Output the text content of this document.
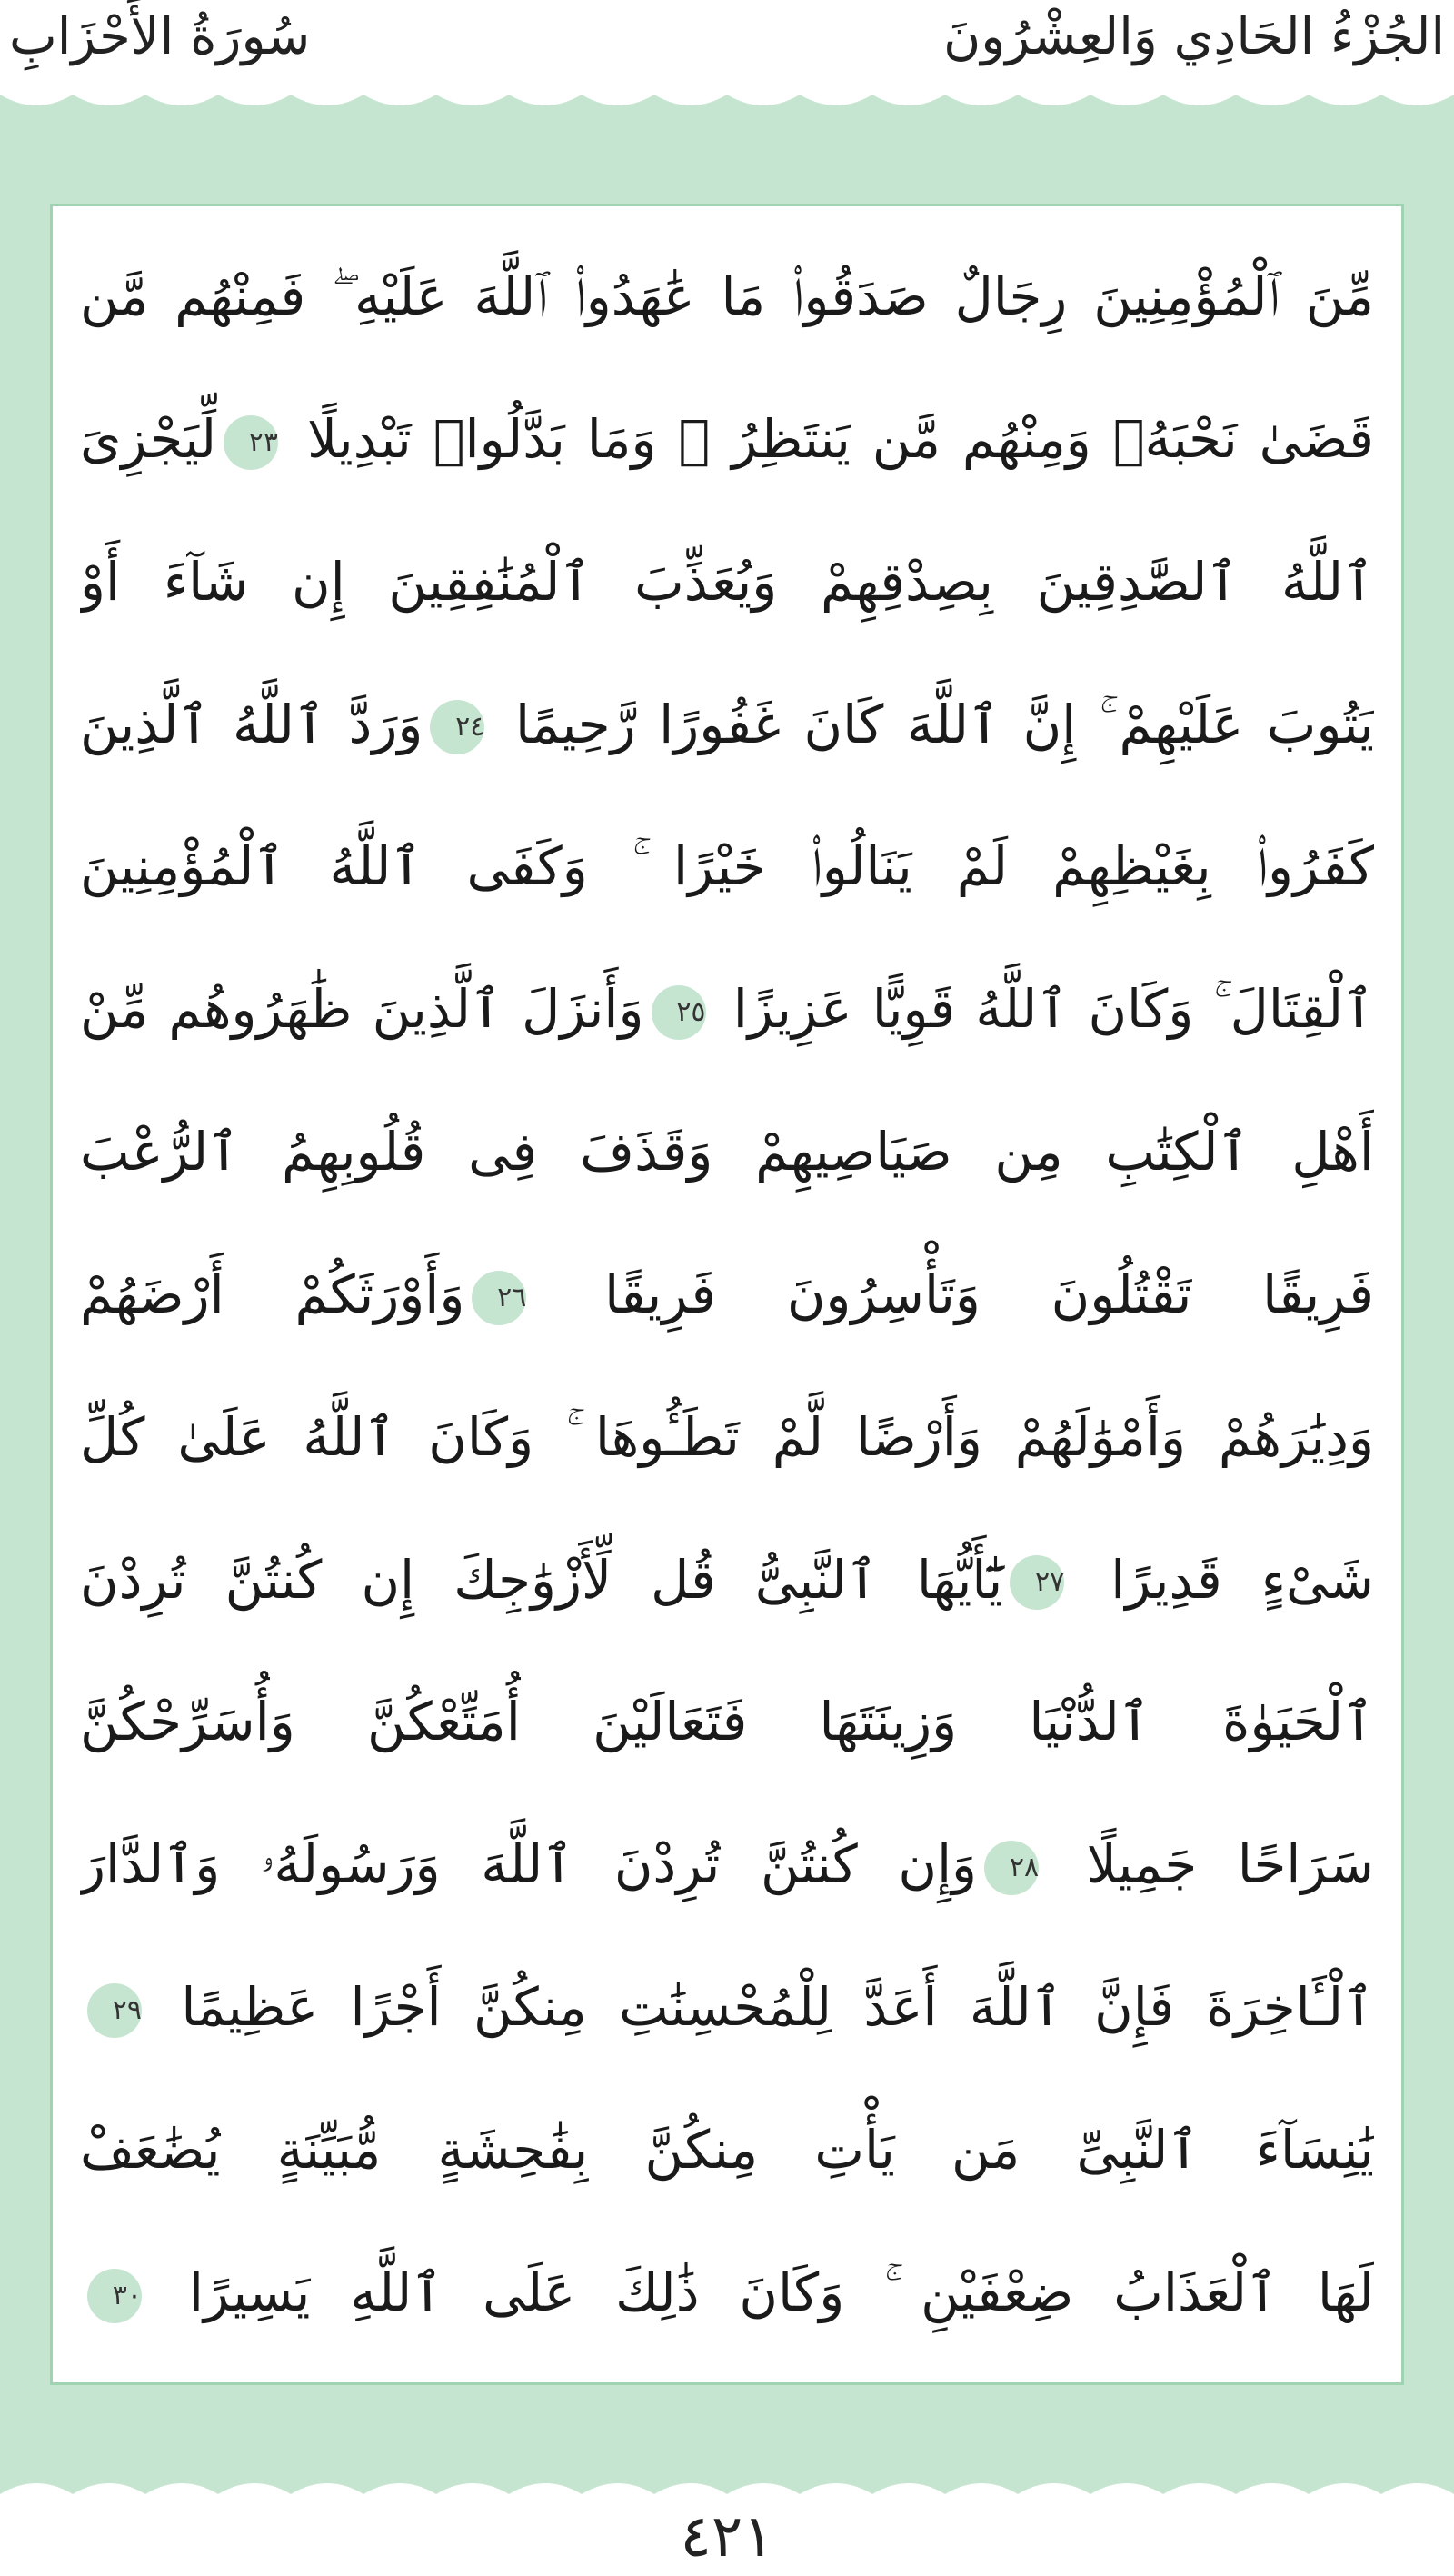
الجُزْءُ الحَادِي وَالعِشْرُونَ
سُورَةُ الأَحْزَابِ
مِّنَ ٱلْمُؤْمِنِينَ رِجَالٌ صَدَقُوا۟ مَا عَٰهَدُوا۟ ٱللَّهَ عَلَيْهِ ۖ فَمِنْهُم مَّن
قَضَىٰ نَحْبَهُۥ وَمِنْهُم مَّن يَنتَظِرُ ۖ وَمَا بَدَّلُوا۟ تَبْدِيلًا ٢٣لِّيَجْزِىَ
ٱللَّهُ ٱلصَّٰدِقِينَ بِصِدْقِهِمْ وَيُعَذِّبَ ٱلْمُنَٰفِقِينَ إِن شَآءَ أَوْ
يَتُوبَ عَلَيْهِمْ ۚ إِنَّ ٱللَّهَ كَانَ غَفُورًا رَّحِيمًا ٢٤وَرَدَّ ٱللَّهُ ٱلَّذِينَ
كَفَرُوا۟ بِغَيْظِهِمْ لَمْ يَنَالُوا۟ خَيْرًا ۚ وَكَفَى ٱللَّهُ ٱلْمُؤْمِنِينَ
ٱلْقِتَالَ ۚ وَكَانَ ٱللَّهُ قَوِيًّا عَزِيزًا ٢٥وَأَنزَلَ ٱلَّذِينَ ظَٰهَرُوهُم مِّنْ
أَهْلِ ٱلْكِتَٰبِ مِن صَيَاصِيهِمْ وَقَذَفَ فِى قُلُوبِهِمُ ٱلرُّعْبَ
فَرِيقًا تَقْتُلُونَ وَتَأْسِرُونَ فَرِيقًا ٢٦وَأَوْرَثَكُمْ أَرْضَهُمْ
وَدِيَٰرَهُمْ وَأَمْوَٰلَهُمْ وَأَرْضًا لَّمْ تَطَـُٔوهَا ۚ وَكَانَ ٱللَّهُ عَلَىٰ كُلِّ
شَىْءٍ قَدِيرًا ٢٧يَٰٓأَيُّهَا ٱلنَّبِىُّ قُل لِّأَزْوَٰجِكَ إِن كُنتُنَّ تُرِدْنَ
ٱلْحَيَوٰةَ ٱلدُّنْيَا وَزِينَتَهَا فَتَعَالَيْنَ أُمَتِّعْكُنَّ وَأُسَرِّحْكُنَّ
سَرَاحًا جَمِيلًا ٢٨وَإِن كُنتُنَّ تُرِدْنَ ٱللَّهَ وَرَسُولَهُۥ وَٱلدَّارَ
ٱلْـَٔاخِرَةَ فَإِنَّ ٱللَّهَ أَعَدَّ لِلْمُحْسِنَٰتِ مِنكُنَّ أَجْرًا عَظِيمًا ٢٩
يَٰنِسَآءَ ٱلنَّبِىِّ مَن يَأْتِ مِنكُنَّ بِفَٰحِشَةٍ مُّبَيِّنَةٍ يُضَٰعَفْ
لَهَا ٱلْعَذَابُ ضِعْفَيْنِ ۚ وَكَانَ ذَٰلِكَ عَلَى ٱللَّهِ يَسِيرًا ٣٠
٤٢١
